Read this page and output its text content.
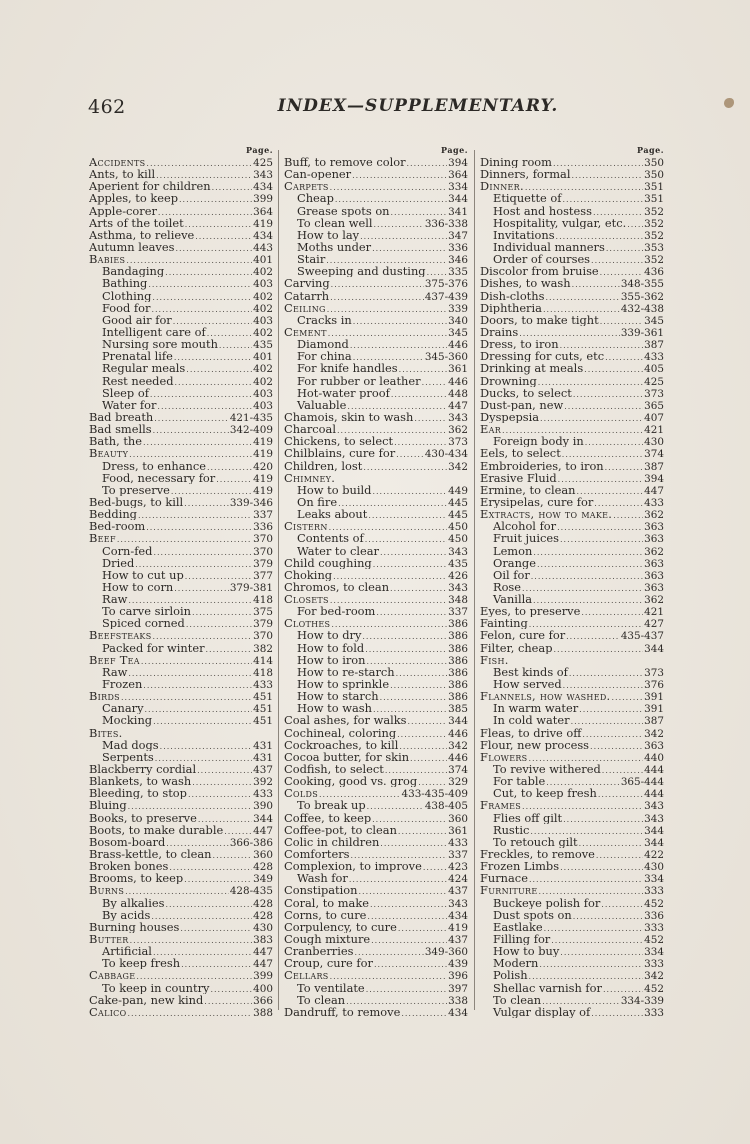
462	INDEX—SUPPLEMENTARY.
Page.
Accidents .....	425
Ants, to kill .....	343
Aperient for children .....	434
Apples, to keep .....	399
Apple-corer .....	364
Arts of the toilet .....	419
Asthma, to relieve .....	434
Autumn leaves .....	443
Babies .....	401
Bandaging .....	402
Bathing .....	403
Clothing .....	402
Food for .....	402
Good air for .....	403
Intelligent care of .....	402
Nursing sore mouth .....	435
Prenatal life .....	401
Regular meals .....	402
Rest needed .....	402
Sleep of .....	403
Water for .....	403
Bad breath .....	421-435
Bad smells .....	342-409
Bath, the .....	419
Beauty .....	419
Dress, to enhance .....	420
Food, necessary for .....	419
To preserve .....	419
Bed-bugs, to kill .....	339-346
Bedding .....	337
Bed-room .....	336
Beef .....	370
Corn-fed .....	370
Dried .....	379
How to cut up .....	377
How to corn .....	379-381
Raw .....	418
To carve sirloin .....	375
Spiced corned .....	379
Beefsteaks .....	370
Packed for winter .....	382
Beef Tea .....	414
Raw .....	418
Frozen .....	433
Birds .....	451
Canary .....	451
Mocking .....	451
Bites.
Mad dogs .....	431
Serpents .....	431
Blackberry cordial .....	437
Blankets, to wash .....	392
Bleeding, to stop .....	433
Bluing .....	390
Books, to preserve .....	344
Boots, to make durable .....	447
Bosom-board .....	366-386
Brass-kettle, to clean .....	360
Broken bones .....	428
Brooms, to keep .....	349
Burns .....	428-435
By alkalies .....	428
By acids .....	428
Burning houses .....	430
Butter .....	383
Artificial .....	447
To keep fresh .....	447
Cabbage .....	399
To keep in country .....	400
Cake-pan, new kind .....	366
Calico .....	388
Page.
Buff, to remove color .....	394
Can-opener .....	364
Carpets .....	334
Cheap .....	344
Grease spots on .....	341
To clean well .....	336-338
How to lay .....	347
Moths under .....	336
Stair .....	346
Sweeping and dusting ..... 335
Carving .....	375-376
Catarrh .....	437-439
Ceiling .....	339
Cracks in .....	340
Cement .....	345
Diamond .....	446
For china .....	345-360
For knife handles .....	361
For rubber or leather .....	446
Hot-water proof .....	448
Valuable .....	447
Chamois, skin to wash .....	343
Charcoal .....	362
Chickens, to select .....	373
Chilblains, cure for .....	430-434
Children, lost .....	342
Chimney.
How to build .....	449
On fire .....	445
Leaks about .....	445
Cistern .....	450
Contents of .....	450
Water to clear .....	343
Child coughing .....	435
Choking .....	426
Chromos, to clean .....	343
Closets .....	348
For bed-room .....	337
Clothes .....	386
How to dry .....	386
How to fold .....	386
How to iron .....	386
How to re-starch .....	386
How to sprinkle .....	386
How to starch .....	386
How to wash .....	385
Coal ashes, for walks .....	344
Cochineal, coloring .....	446
Cockroaches, to kill .....	342
Cocoa butter, for skin .....	446
Codfish, to select .....	374
Cooking, good vs. grog .....	329
Colds .....	433-435-409
To break up .....	438-405
Coffee, to keep .....	360
Coffee-pot, to clean .....	361
Colic in children .....	433
Comforters .....	337
Complexion, to improve .....	423
Wash for .....	424
Constipation .....	437
Coral, to make .....	343
Corns, to cure .....	434
Corpulency, to cure .....	419
Cough mixture .....	437
Cranberries .....	349-360
Croup, cure for .....	439
Cellars .....	396
To ventilate .....	397
To clean .....	338
Dandruff, to remove .....	434
Page.
Dining room .....	350
Dinners, formal .....	350
Dinner. .....	351
Etiquette of .....	351
Host and hostess .....	352
Hospitality, vulgar, etc. ..... 352
Invitations .....	352
Individual manners .....	353
Order of courses .....	352
Discolor from bruise .....	436
Dishes, to wash .....	348-355
Dish-cloths .....	355-362
Diphtheria .....	432-438
Doors, to make tight .....	345
Drains .....	339-361
Dress, to iron .....	387
Dressing for cuts, etc .....	433
Drinking at meals .....	405
Drowning .....	425
Ducks, to select .....	373
Dust-pan, new .....	365
Dyspepsia .....	407
Ear .....	421
Foreign body in .....	430
Eels, to select .....	374
Embroideries, to iron .....	387
Erasive Fluid .....	394
Ermine, to clean .....	447
Erysipelas, cure for .....	433
Extracts, how to make. .....	362
Alcohol for .....	363
Fruit juices .....	363
Lemon .....	362
Orange .....	363
Oil for .....	363
Rose .....	363
Vanilla .....	362
Eyes, to preserve .....	421
Fainting .....	427
Felon, cure for .....	435-437
Filter, cheap .....	344
Fish.
Best kinds of .....	373
How served .....	376
Flannels, how washed. .....	391
In warm water .....	391
In cold water .....	387
Fleas, to drive off .....	342
Flour, new process .....	363
Flowers .....	440
To revive withered .....	444
For table .....	365-444
Cut, to keep fresh .....	444
Frames .....	343
Flies off gilt .....	343
Rustic .....	344
To retouch gilt .....	344
Freckles, to remove .....	422
Frozen Limbs .....	430
Furnace .....	334
Furniture .....	333
Buckeye polish for .....	452
Dust spots on .....	336
Eastlake .....	333
Filling for .....	452
How to buy .....	334
Modern .....	333
Polish .....	342
Shellac varnish for .....	452
To clean .....	334-339
Vulgar display of .....	333
